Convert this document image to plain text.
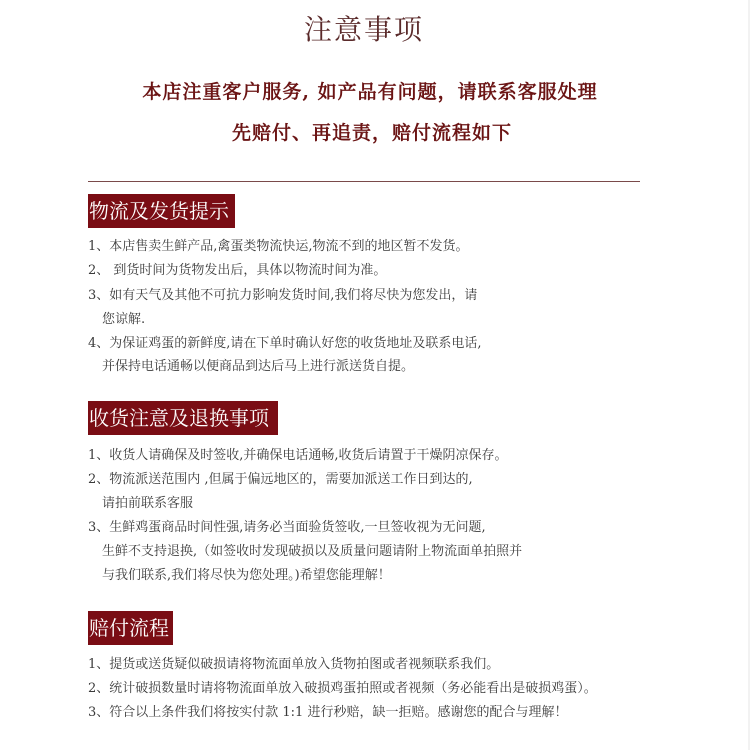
注意事项
本店注重客户服务, 如产品有问题，请联系客服处理
先赔付、再追责，赔付流程如下
物流及发货提示
1、本店售卖生鲜产品,禽蛋类物流快运,物流不到的地区暂不发货。
2、 到货时间为货物发出后，具体以物流时间为准。
3、如有天气及其他不可抗力影响发货时间,我们将尽快为您发出，请
您谅解.
4、为保证鸡蛋的新鲜度,请在下单时确认好您的收货地址及联系电话,
并保持电话通畅以便商品到达后马上进行派送货自提。
收货注意及退换事项
1、收货人请确保及时签收,并确保电话通畅,收货后请置于干燥阴凉保存。
2、物流派送范围内 ,但属于偏远地区的，需要加派送工作日到达的,
请拍前联系客服
3、生鲜鸡蛋商品时间性强,请务必当面验货签收,一旦签收视为无问题,
生鲜不支持退换,（如签收时发现破损以及质量问题请附上物流面单拍照并
与我们联系,我们将尽快为您处理。)希望您能理解！
赔付流程
1、提货或送货疑似破损请将物流面单放入货物拍图或者视频联系我们。
2、统计破损数量时请将物流面单放入破损鸡蛋拍照或者视频（务必能看出是破损鸡蛋）。
3、符合以上条件我们将按实付款 1:1 进行秒赔，缺一拒赔。感谢您的配合与理解！
